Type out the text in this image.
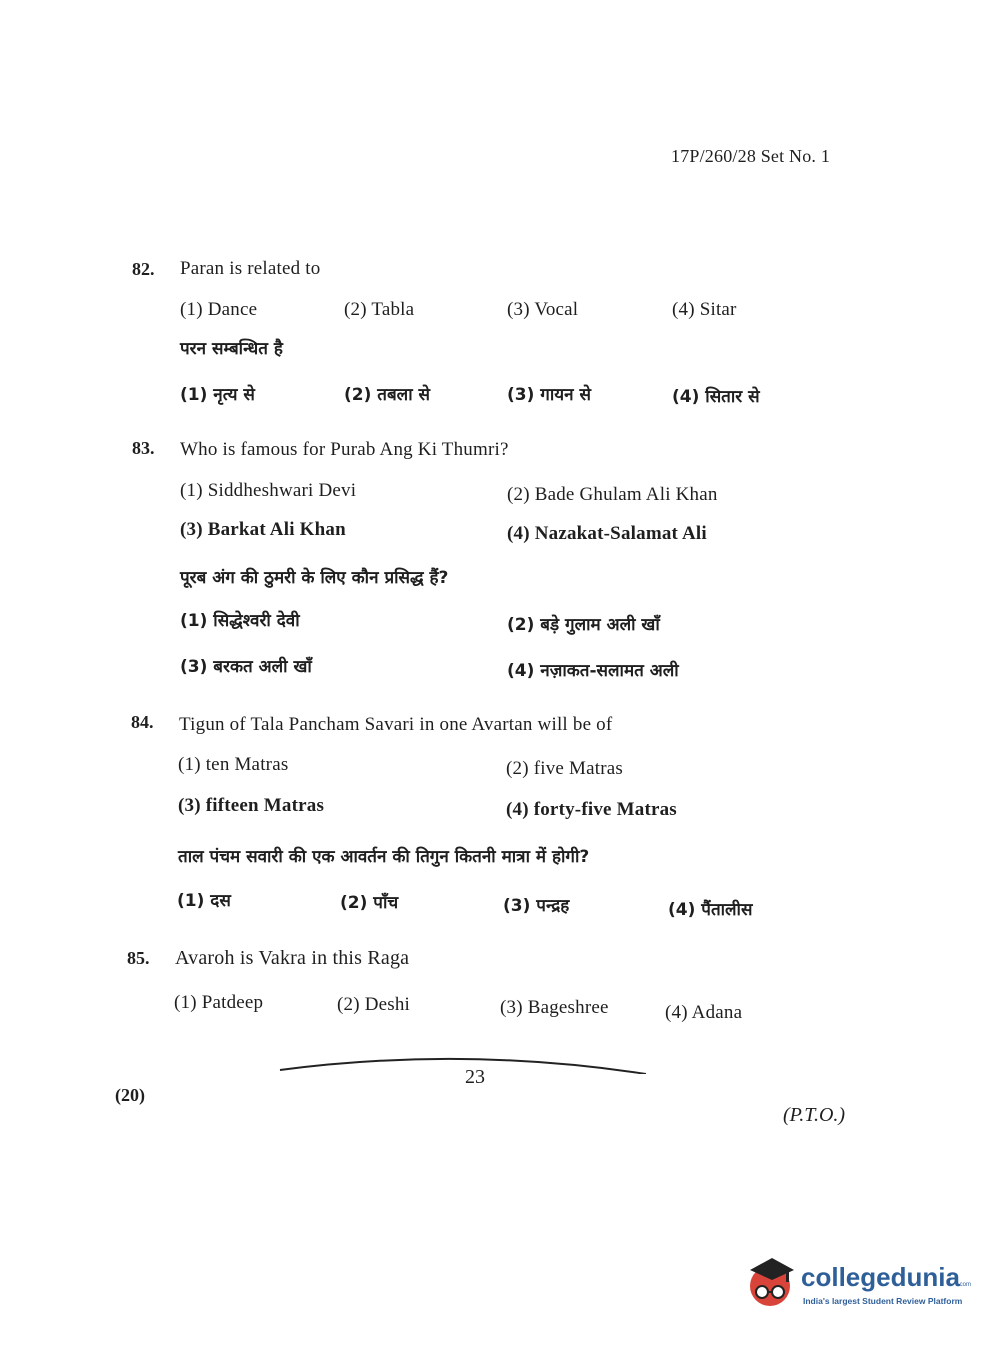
17P/260/28 Set No. 1
82. Paran is related to
(1) Dance	(2) Tabla	(3) Vocal	(4) Sitar
परन सम्बन्धित है
(1) नृत्य से	(2) तबला से	(3) गायन से	(4) सितार से
83. Who is famous for Purab Ang Ki Thumri?
(1) Siddheshwari Devi	(2) Bade Ghulam Ali Khan
(3) Barkat Ali Khan	(4) Nazakat-Salamat Ali
पूरब अंग की ठुमरी के लिए कौन प्रसिद्ध हैं?
(1) सिद्धेश्वरी देवी	(2) बड़े गुलाम अली खाँ
(3) बरकत अली खाँ	(4) नज़ाकत-सलामत अली
84. Tigun of Tala Pancham Savari in one Avartan will be of
(1) ten Matras	(2) five Matras
(3) fifteen Matras	(4) forty-five Matras
ताल पंचम सवारी की एक आवर्तन की तिगुन कितनी मात्रा में होगी?
(1) दस	(2) पाँच	(3) पन्द्रह	(4) पैंतालीस
85. Avaroh is Vakra in this Raga
(1) Patdeep	(2) Deshi	(3) Bageshree	(4) Adana
23
(20)
(P.T.O.)
collegedunia
.com
India's largest Student Review Platform
